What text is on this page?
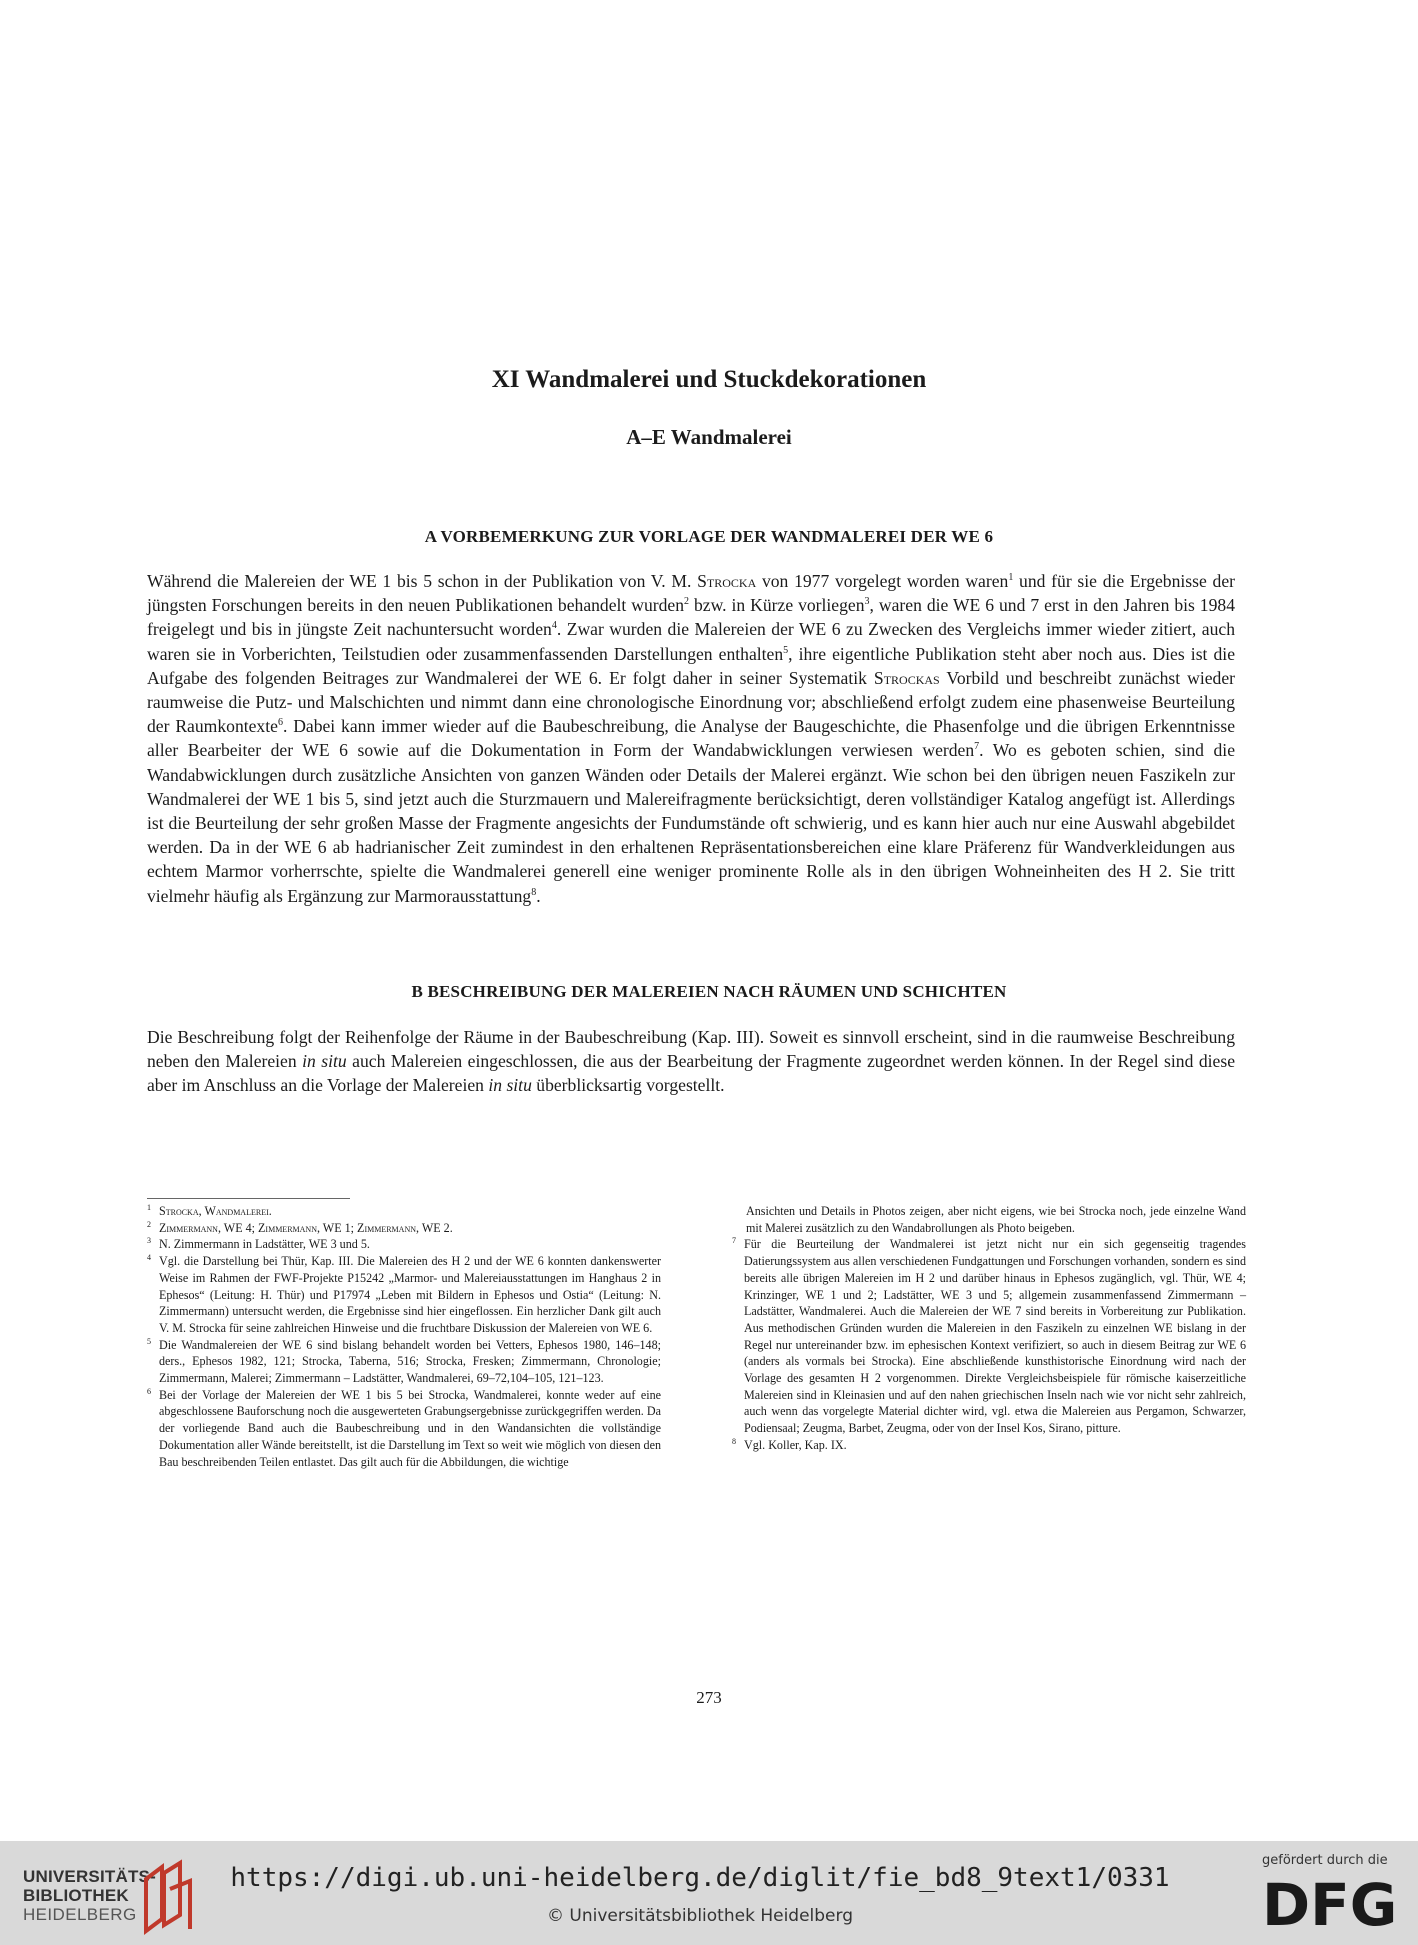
XI Wandmalerei und Stuckdekorationen
A–E Wandmalerei
A VORBEMERKUNG ZUR VORLAGE DER WANDMALEREI DER WE 6

Während die Malereien der WE 1 bis 5 schon in der Publikation von V. M. Strocka von 1977 vorgelegt worden waren$^1$ und für sie die Ergebnisse der jüngsten Forschungen bereits in den neuen Publikationen behandelt wurden$^2$ bzw. in Kürze vorliegen$^3$, waren die WE 6 und 7 erst in den Jahren bis 1984 freigelegt und bis in jüngste Zeit nachuntersucht worden$^4$. Zwar wurden die Malereien der WE 6 zu Zwecken des Vergleichs immer wieder zitiert, auch waren sie in Vorberichten, Teilstudien oder zusammenfassenden Darstellungen enthalten$^5$, ihre eigentliche Publikation steht aber noch aus. Dies ist die Aufgabe des folgenden Beitrages zur Wandmalerei der WE 6. Er folgt daher in seiner Systematik Strockas Vorbild und beschreibt zunächst wieder raumweise die Putz- und Malschichten und nimmt dann eine chronologische Einordnung vor; abschließend erfolgt zudem eine phasenweise Beurteilung der Raumkontexte$^6$. Dabei kann immer wieder auf die Baubeschreibung, die Analyse der Baugeschichte, die Phasenfolge und die übrigen Erkenntnisse aller Bearbeiter der WE 6 sowie auf die Dokumentation in Form der Wandabwicklungen verwiesen werden$^7$. Wo es geboten schien, sind die Wandabwicklungen durch zusätzliche Ansichten von ganzen Wänden oder Details der Malerei ergänzt. Wie schon bei den übrigen neuen Faszikeln zur Wandmalerei der WE 1 bis 5, sind jetzt auch die Sturzmauern und Malereifragmente berücksichtigt, deren vollständiger Katalog angefügt ist. Allerdings ist die Beurteilung der sehr großen Masse der Fragmente angesichts der Fundumstände oft schwierig, und es kann hier auch nur eine Auswahl abgebildet werden. Da in der WE 6 ab hadrianischer Zeit zumindest in den erhaltenen Repräsentationsbereichen eine klare Präferenz für Wandverkleidungen aus echtem Marmor vorherrschte, spielte die Wandmalerei generell eine weniger prominente Rolle als in den übrigen Wohneinheiten des H 2. Sie tritt vielmehr häufig als Ergänzung zur Marmorausstattung$^8$.

B BESCHREIBUNG DER MALEREIEN NACH RÄUMEN UND SCHICHTEN

Die Beschreibung folgt der Reihenfolge der Räume in der Baubeschreibung (Kap. III). Soweit es sinnvoll erscheint, sind in die raumweise Beschreibung neben den Malereien in situ auch Malereien eingeschlossen, die aus der Bearbeitung der Fragmente zugeordnet werden können. In der Regel sind diese aber im Anschluss an die Vorlage der Malereien in situ überblicksartig vorgestellt.

1 Strocka, Wandmalerei.

2 Zimmermann, WE 4; Zimmermann, WE 1; Zimmermann, WE 2.

3 N. Zimmermann in Ladstätter, WE 3 und 5.

4 Vgl. die Darstellung bei Thür, Kap. III. Die Malereien des H 2 und der WE 6 konnten dankenswerter Weise im Rahmen der FWF-Projekte P15242 „Marmor- und Malereiausstattungen im Hanghaus 2 in Ephesos“ (Leitung: H. Thür) und P17974 „Leben mit Bildern in Ephesos und Ostia“ (Leitung: N. Zimmermann) untersucht werden, die Ergebnisse sind hier eingeflossen. Ein herzlicher Dank gilt auch V. M. Strocka für seine zahlreichen Hinweise und die fruchtbare Diskussion der Malereien von WE 6.

5 Die Wandmalereien der WE 6 sind bislang behandelt worden bei Vetters, Ephesos 1980, 146–148; ders., Ephesos 1982, 121; Strocka, Taberna, 516; Strocka, Fresken; Zimmermann, Chronologie; Zimmermann, Malerei; Zimmermann – Ladstätter, Wandmalerei, 69–72,104–105, 121–123.

6 Bei der Vorlage der Malereien der WE 1 bis 5 bei Strocka, Wandmalerei, konnte weder auf eine abgeschlossene Bauforschung noch die ausgewerteten Grabungsergebnisse zurückgegriffen werden. Da der vorliegende Band auch die Baubeschreibung und in den Wandansichten die vollständige Dokumentation aller Wände bereitstellt, ist die Darstellung im Text so weit wie möglich von diesen den Bau beschreibenden Teilen entlastet. Das gilt auch für die Abbildungen, die wichtige

Ansichten und Details in Photos zeigen, aber nicht eigens, wie bei Strocka noch, jede einzelne Wand mit Malerei zusätzlich zu den Wandabrollungen als Photo beigeben.

7 Für die Beurteilung der Wandmalerei ist jetzt nicht nur ein sich gegenseitig tragendes Datierungssystem aus allen verschiedenen Fundgattungen und Forschungen vorhanden, sondern es sind bereits alle übrigen Malereien im H 2 und darüber hinaus in Ephesos zugänglich, vgl. Thür, WE 4; Krinzinger, WE 1 und 2; Ladstätter, WE 3 und 5; allgemein zusammenfassend Zimmermann – Ladstätter, Wandmalerei. Auch die Malereien der WE 7 sind bereits in Vorbereitung zur Publikation. Aus methodischen Gründen wurden die Malereien in den Faszikeln zu einzelnen WE bislang in der Regel nur untereinander bzw. im ephesischen Kontext verifiziert, so auch in diesem Beitrag zur WE 6 (anders als vormals bei Strocka). Eine abschließende kunsthistorische Einordnung wird nach der Vorlage des gesamten H 2 vorgenommen. Direkte Vergleichsbeispiele für römische kaiserzeitliche Malereien sind in Kleinasien und auf den nahen griechischen Inseln nach wie vor nicht sehr zahlreich, auch wenn das vorgelegte Material dichter wird, vgl. etwa die Malereien aus Pergamon, Schwarzer, Podiensaal; Zeugma, Barbet, Zeugma, oder von der Insel Kos, Sirano, pitture.

8 Vgl. Koller, Kap. IX.

273

UNIVERSITÄTS-
BIBLIOTHEK
HEIDELBERG
https://digi.ub.uni-heidelberg.de/diglit/fie_bd8_9text1/0331
© Universitätsbibliothek Heidelberg
gefördert durch die
DFG
